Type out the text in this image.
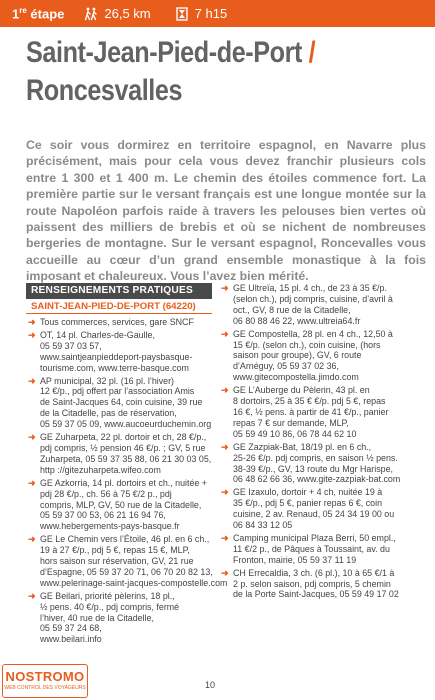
1re étape	26,5 km	7 h15
Saint-Jean-Pied-de-Port /
Roncesvalles

Ce soir vous dormirez en territoire espagnol, en Navarre plus précisément, mais pour cela vous devez franchir plusieurs cols entre 1 300 et 1 400 m. Le chemin des étoiles commence fort. La première partie sur le versant français est une longue montée sur la route Napoléon parfois raide à travers les pelouses bien vertes où paissent des milliers de brebis et où se nichent de nombreuses bergeries de montagne. Sur le versant espagnol, Roncevalles vous accueille au cœur d’un grand ensemble monastique à la fois imposant et chaleureux. Vous l’avez bien mérité.

RENSEIGNEMENTS PRATIQUES
SAINT-JEAN-PIED-DE-PORT (64220)
➜ Tous commerces, services, gare SNCF
➜ OT, 14 pl. Charles-de-Gaulle,
05 59 37 03 57,
www.saintjeanpieddeport-paysbasque-
tourisme.com, www.terre-basque.com
➜ AP municipal, 32 pl. (16 pl. l’hiver)
12 €/p., pdj offert par l’association Amis
de Saint-Jacques 64, coin cuisine, 39 rue
de la Citadelle, pas de réservation,
05 59 37 05 09, www.aucoeurduchemin.org
➜ GE Zuharpeta, 22 pl. dortoir et ch, 28 €/p.,
pdj compris, ½ pension 46 €/p. ; GV, 5 rue
Zuharpeta, 05 59 37 35 88, 06 21 30 03 05,
http ://gitezuharpeta.wifeo.com
➜ GE Azkorria, 14 pl. dortoirs et ch., nuitée +
pdj 28 €/p., ch. 56 à 75 €/2 p., pdj
compris, MLP, GV, 50 rue de la Citadelle,
05 59 37 00 53, 06 21 16 94 76,
www.hebergements-pays-basque.fr
➜ GE Le Chemin vers l’Étoile, 46 pl. en 6 ch.,
19 à 27 €/p., pdj 5 €, repas 15 €, MLP,
hors saison sur réservation, GV, 21 rue
d’Espagne, 05 59 37 20 71, 06 70 20 82 13,
www.pelerinage-saint-jacques-compostelle.com
➜ GE Beilari, priorité pèlerins, 18 pl.,
½ pens. 40 €/p., pdj compris, fermé
l’hiver, 40 rue de la Citadelle,
05 59 37 24 68,
www.beilari.info
➜ GE Ultreïa, 15 pl. 4 ch., de 23 à 35 €/p.
(selon ch.), pdj compris, cuisine, d’avril à
oct., GV, 8 rue de la Citadelle,
06 80 88 46 22, www.ultreia64.fr
➜ GE Compostella, 28 pl. en 4 ch., 12,50 à
15 €/p. (selon ch.), coin cuisine, (hors
saison pour groupe), GV, 6 route
d’Arnéguy, 05 59 37 02 36,
www.gitecompostella.jimdo.com
➜ GE L’Auberge du Pèlerin, 43 pl. en
8 dortoirs, 25 à 35 € €/p. pdj 5 €, repas
16 €, ½ pens. à partir de 41 €/p., panier
repas 7 € sur demande, MLP,
05 59 49 10 86, 06 78 44 62 10
➜ GE Zazpiak-Bat, 18/19 pl. en 6 ch.,
25-26 €/p. pdj compris, en saison ½ pens.
38-39 €/p., GV, 13 route du Mgr Harispe,
06 48 62 66 36, www.gite-zazpiak-bat.com
➜ GE Izaxulo, dortoir + 4 ch, nuitée 19 à
35 €/p., pdj 5 €, panier repas 6 €, coin
cuisine, 2 av. Renaud, 05 24 34 19 00 ou
06 84 33 12 05
➜ Camping municipal Plaza Berri, 50 empl.,
11 €/2 p., de Pâques à Toussaint, av. du
Fronton, mairie, 05 59 37 11 19
➜ CH Errecaldia, 3 ch. (6 pl.), 10 à 65 €/1 à
2 p. selon saison, pdj compris, 5 chemin
de la Porte Saint-Jacques, 05 59 49 17 02
NOSTROMO
WEB CONTROL DES VOYAGEURS	10
